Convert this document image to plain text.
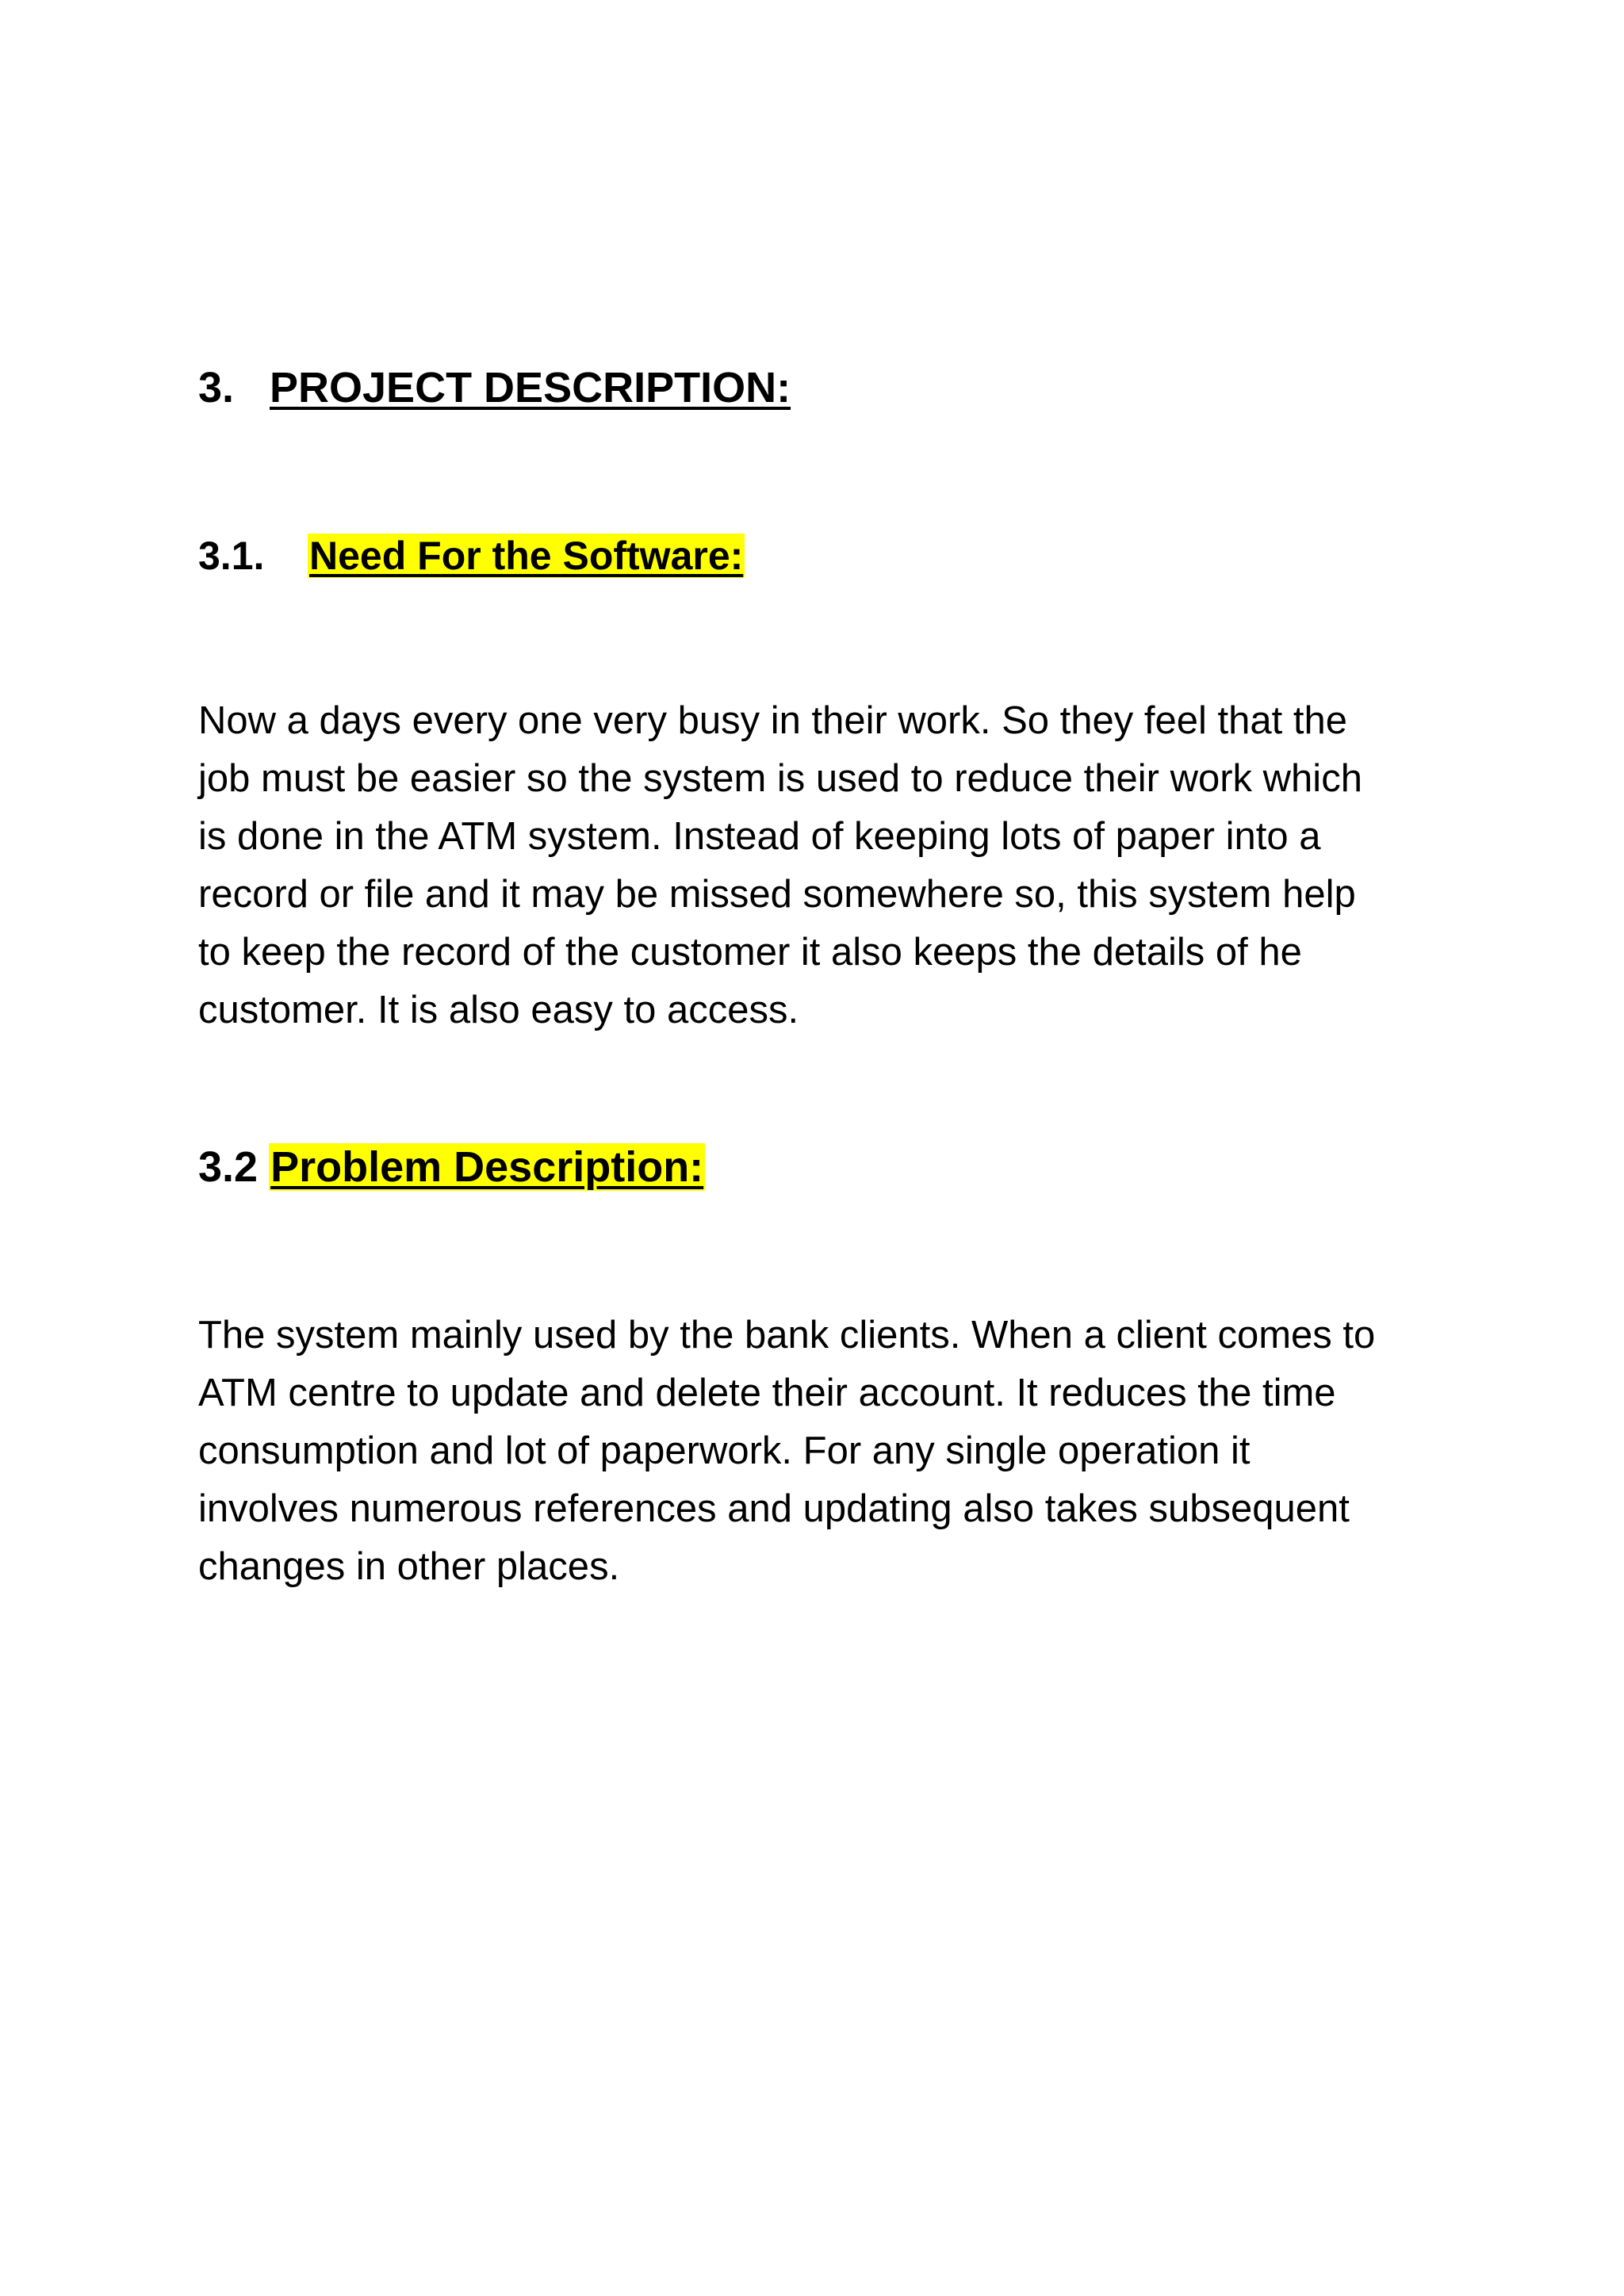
3. PROJECT DESCRIPTION:
3.1. Need For the Software:

Now a days every one very busy in their work. So they feel that the
job must be easier so the system is used to reduce their work which
is done in the ATM system. Instead of keeping lots of paper into a
record or file and it may be missed somewhere so, this system help
to keep the record of the customer it also keeps the details of he
customer. It is also easy to access.

3.2 Problem Description:

The system mainly used by the bank clients. When a client comes to
ATM centre to update and delete their account. It reduces the time
consumption and lot of paperwork. For any single operation it
involves numerous references and updating also takes subsequent
changes in other places.
